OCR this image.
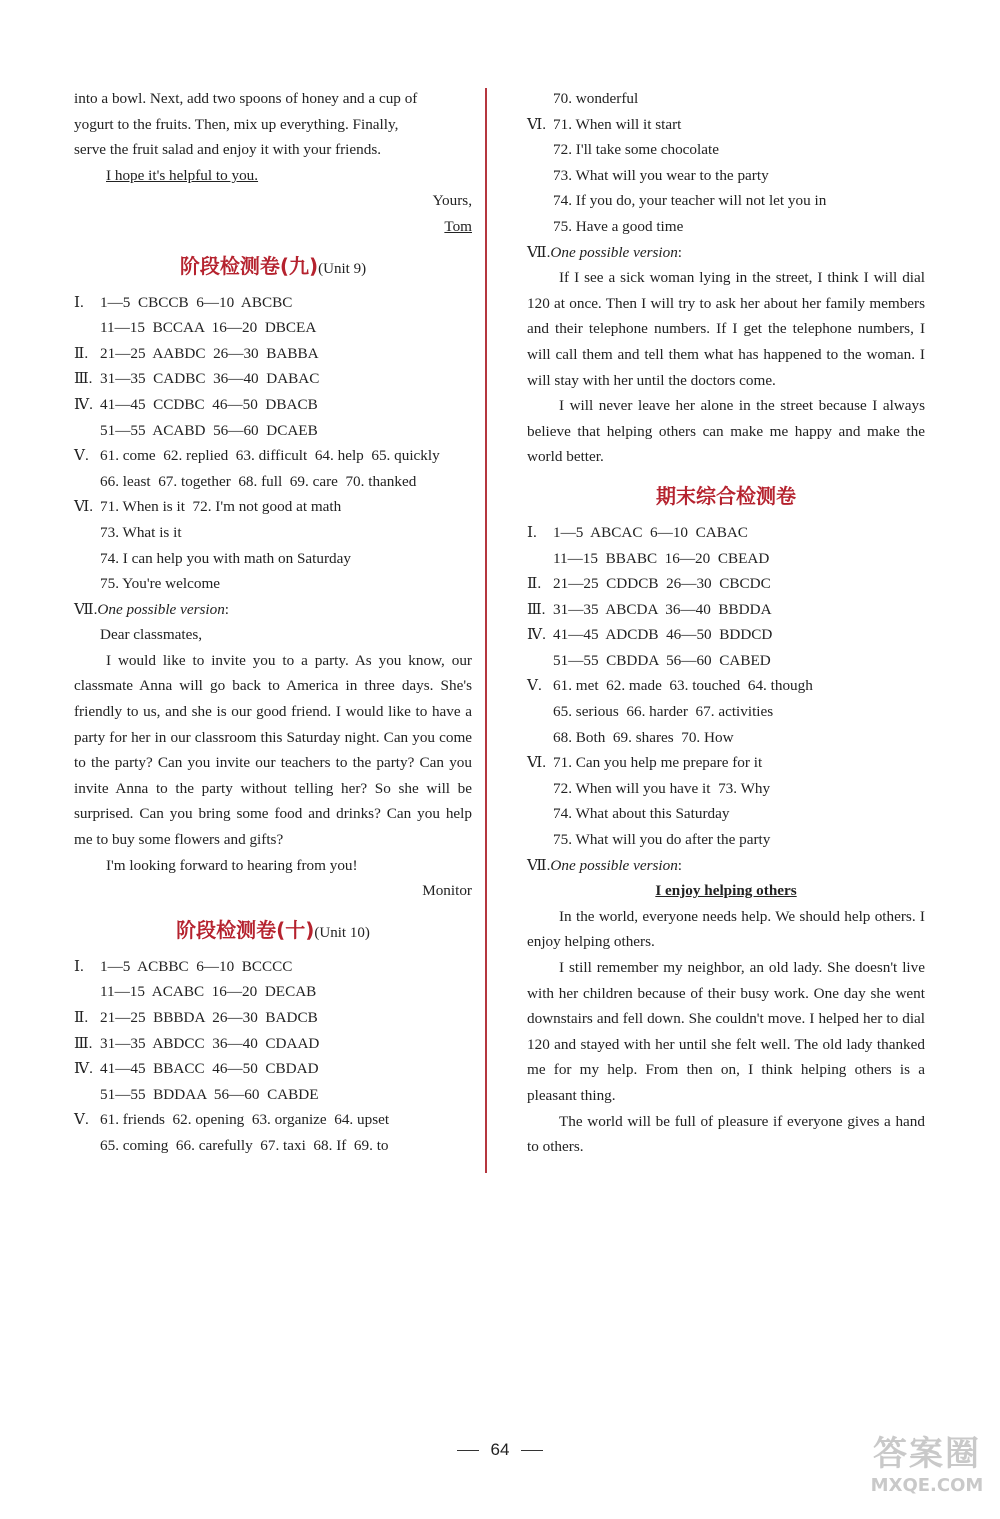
into a bowl. Next, add two spoons of honey and a cup of
yogurt to the fruits. Then, mix up everything. Finally,
serve the fruit salad and enjoy it with your friends.
I hope it's helpful to you.
Yours,
Tom
阶段检测卷(九)(Unit 9)
Ⅰ. 1—5  CBCCB  6—10  ABCBC
11—15  BCCAA  16—20  DBCEA
Ⅱ. 21—25  AABDC  26—30  BABBA
Ⅲ. 31—35  CADBC  36—40  DABAC
Ⅳ. 41—45  CCDBC  46—50  DBACB
51—55  ACABD  56—60  DCAEB
Ⅴ. 61. come  62. replied  63. difficult  64. help  65. quickly
66. least  67. together  68. full  69. care  70. thanked
Ⅵ. 71. When is it  72. I'm not good at math
73. What is it
74. I can help you with math on Saturday
75. You're welcome
Ⅶ.One possible version:
Dear classmates,
I would like to invite you to a party. As you know, our classmate Anna will go back to America in three days. She's friendly to us, and she is our good friend. I would like to have a party for her in our classroom this Saturday night. Can you come to the party? Can you invite our teachers to the party? Can you invite Anna to the party without telling her? So she will be surprised. Can you bring some food and drinks? Can you help me to buy some flowers and gifts?
I'm looking forward to hearing from you!
Monitor
阶段检测卷(十)(Unit 10)
Ⅰ. 1—5  ACBBC  6—10  BCCCC
11—15  ACABC  16—20  DECAB
Ⅱ. 21—25  BBBDA  26—30  BADCB
Ⅲ. 31—35  ABDCC  36—40  CDAAD
Ⅳ. 41—45  BBACC  46—50  CBDAD
51—55  BDDAA  56—60  CABDE
Ⅴ. 61. friends  62. opening  63. organize  64. upset
65. coming  66. carefully  67. taxi  68. If  69. to
70. wonderful
Ⅵ. 71. When will it start
72. I'll take some chocolate
73. What will you wear to the party
74. If you do, your teacher will not let you in
75. Have a good time
Ⅶ.One possible version:
If I see a sick woman lying in the street, I think I will dial 120 at once. Then I will try to ask her about her family members and their telephone numbers. If I get the telephone numbers, I will call them and tell them what has happened to the woman. I will stay with her until the doctors come.
I will never leave her alone in the street because I always believe that helping others can make me happy and make the world better.
期末综合检测卷
Ⅰ. 1—5  ABCAC  6—10  CABAC
11—15  BBABC  16—20  CBEAD
Ⅱ. 21—25  CDDCB  26—30  CBCDC
Ⅲ. 31—35  ABCDA  36—40  BBDDA
Ⅳ. 41—45  ADCDB  46—50  BDDCD
51—55  CBDDA  56—60  CABED
Ⅴ. 61. met  62. made  63. touched  64. though
65. serious  66. harder  67. activities
68. Both  69. shares  70. How
Ⅵ. 71. Can you help me prepare for it
72. When will you have it  73. Why
74. What about this Saturday
75. What will you do after the party
Ⅶ.One possible version:
I enjoy helping others
In the world, everyone needs help. We should help others. I enjoy helping others.
I still remember my neighbor, an old lady. She doesn't live with her children because of their busy work. One day she went downstairs and fell down. She couldn't move. I helped her to dial 120 and stayed with her until she felt well. The old lady thanked me for my help. From then on, I think helping others is a pleasant thing.
The world will be full of pleasure if everyone gives a hand to others.
64	答案圈
MXQE.COM
